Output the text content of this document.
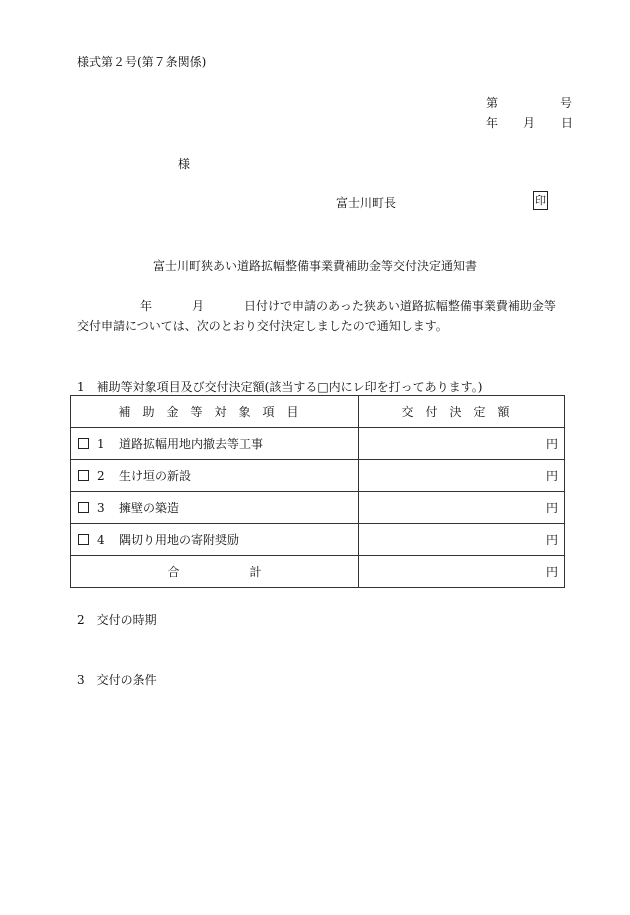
様式第２号(第７条関係)
第	号
年 月 日
様
富士川町長	印
富士川町狭あい道路拡幅整備事業費補助金等交付決定通知書
年	月	日付けで申請のあった狭あい道路拡幅整備事業費補助金等
交付申請については、次のとおり交付決定しましたので通知します。
1　補助等対象項目及び交付決定額(該当する□内にレ印を打ってあります。)
補助金等対象項目	交付決定額
1 道路拡幅用地内撤去等工事	円
2 生け垣の新設	円
3 擁壁の築造	円
4 隅切り用地の寄附奨励	円
合 計	円
2　交付の時期
3　交付の条件
